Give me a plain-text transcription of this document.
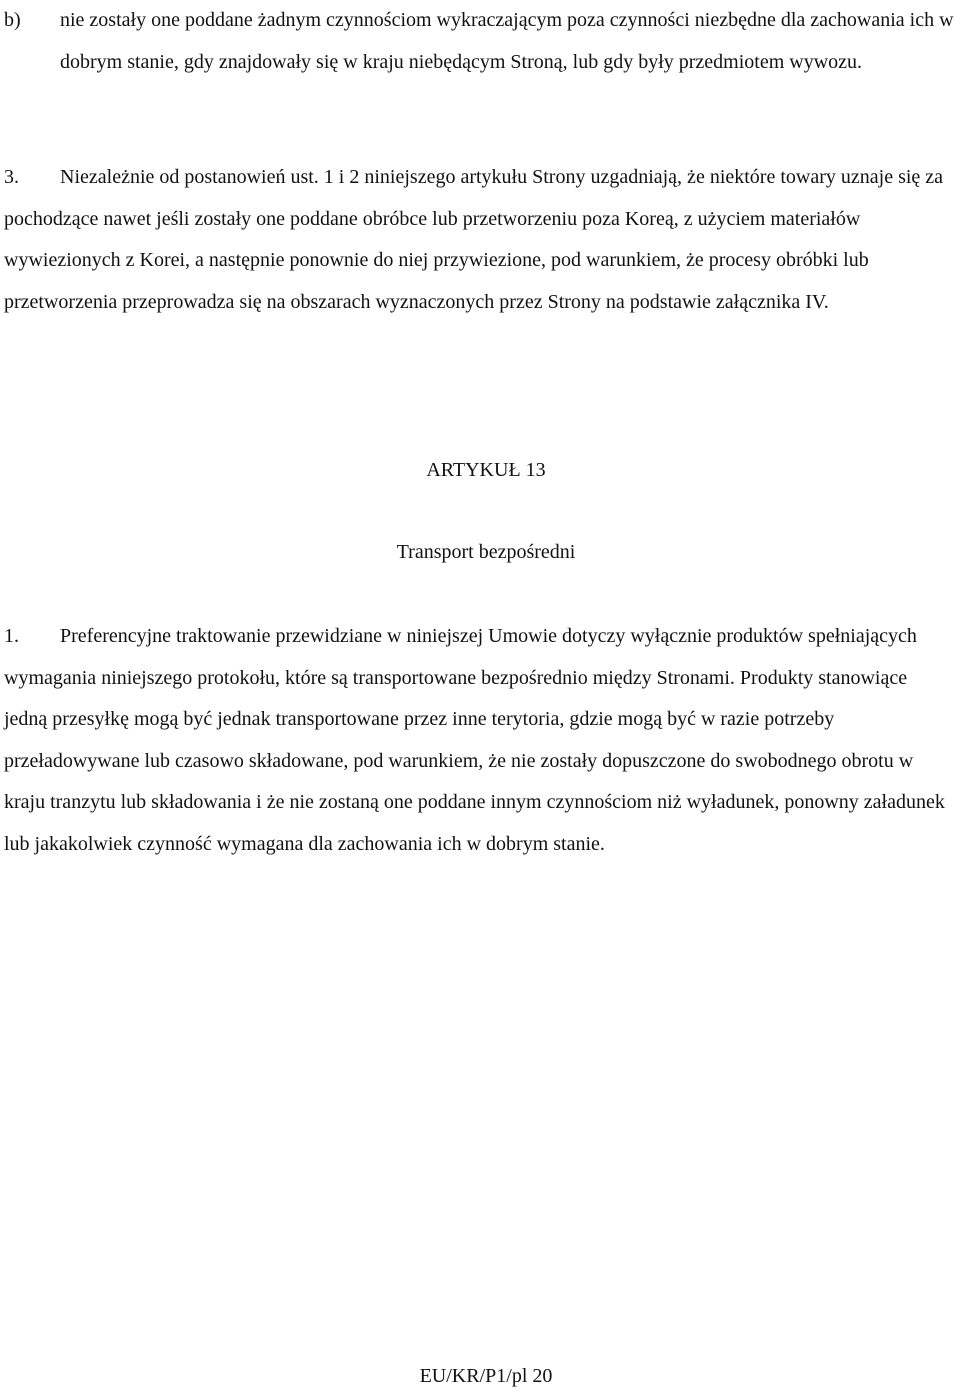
b) nie zostały one poddane żadnym czynnościom wykraczającym poza czynności niezbędne dla zachowania ich w dobrym stanie, gdy znajdowały się w kraju niebędącym Stroną, lub gdy były przedmiotem wywozu.
3. Niezależnie od postanowień ust. 1 i 2 niniejszego artykułu Strony uzgadniają, że niektóre towary uznaje się za pochodzące nawet jeśli zostały one poddane obróbce lub przetworzeniu poza Koreą, z użyciem materiałów wywiezionych z Korei, a następnie ponownie do niej przywiezione, pod warunkiem, że procesy obróbki lub przetworzenia przeprowadza się na obszarach wyznaczonych przez Strony na podstawie załącznika IV.
ARTYKUŁ 13
Transport bezpośredni
1. Preferencyjne traktowanie przewidziane w niniejszej Umowie dotyczy wyłącznie produktów spełniających wymagania niniejszego protokołu, które są transportowane bezpośrednio między Stronami. Produkty stanowiące jedną przesyłkę mogą być jednak transportowane przez inne terytoria, gdzie mogą być w razie potrzeby przeładowywane lub czasowo składowane, pod warunkiem, że nie zostały dopuszczone do swobodnego obrotu w kraju tranzytu lub składowania i że nie zostaną one poddane innym czynnościom niż wyładunek, ponowny załadunek lub jakakolwiek czynność wymagana dla zachowania ich w dobrym stanie.
EU/KR/P1/pl 20
